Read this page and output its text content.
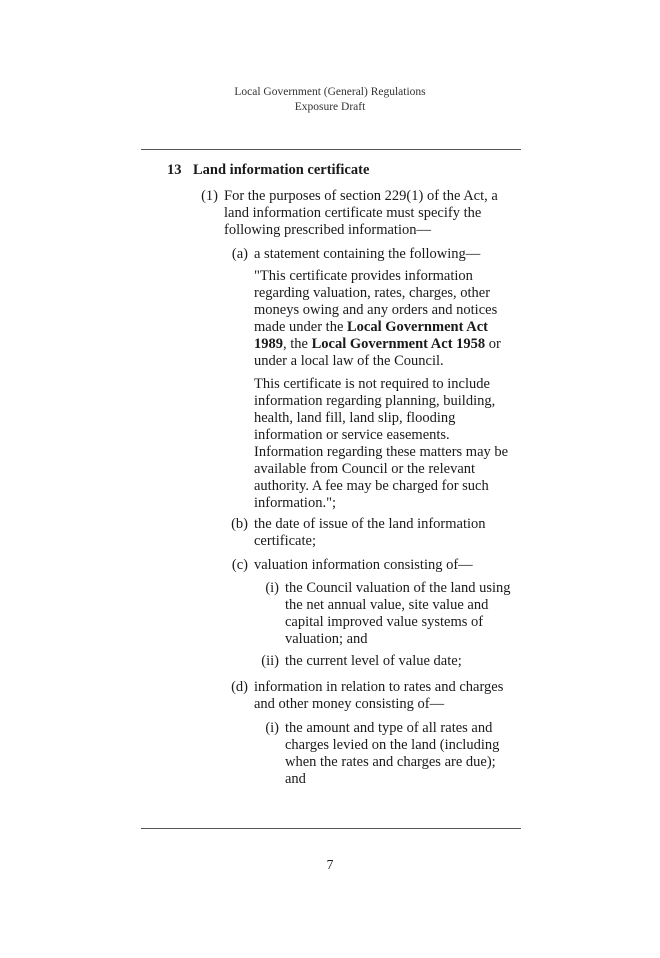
Local Government (General) Regulations
Exposure Draft
13 Land information certificate
(1) For the purposes of section 229(1) of the Act, a
land information certificate must specify the
following prescribed information—
(a) a statement containing the following—
"This certificate provides information
regarding valuation, rates, charges, other
moneys owing and any orders and notices
made under the Local Government Act
1989, the Local Government Act 1958 or
under a local law of the Council.
This certificate is not required to include
information regarding planning, building,
health, land fill, land slip, flooding
information or service easements.
Information regarding these matters may be
available from Council or the relevant
authority. A fee may be charged for such
information.";
(b) the date of issue of the land information
certificate;
(c) valuation information consisting of—
(i) the Council valuation of the land using
the net annual value, site value and
capital improved value systems of
valuation; and
(ii) the current level of value date;
(d) information in relation to rates and charges
and other money consisting of—
(i) the amount and type of all rates and
charges levied on the land (including
when the rates and charges are due);
and
7
